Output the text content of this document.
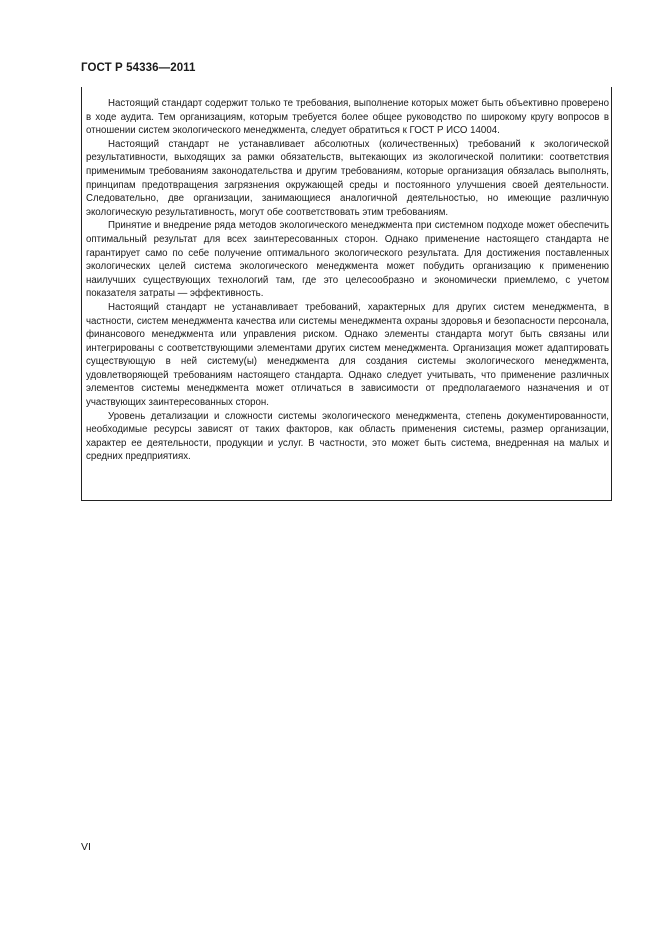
ГОСТ Р 54336—2011

Настоящий стандарт содержит только те требования, выполнение которых может быть объективно проверено в ходе аудита. Тем организациям, которым требуется более общее руководство по широкому кругу вопросов в отношении систем экологического менеджмента, следует обратиться к ГОСТ Р ИСО 14004.

Настоящий стандарт не устанавливает абсолютных (количественных) требований к экологической результативности, выходящих за рамки обязательств, вытекающих из экологической политики: соответствия применимым требованиям законодательства и другим требованиям, которые организация обязалась выполнять, принципам предотвращения загрязнения окружающей среды и постоянного улучшения своей деятельности. Следовательно, две организации, занимающиеся аналогичной деятельностью, но имеющие различную экологическую результативность, могут обе соответствовать этим требованиям.

Принятие и внедрение ряда методов экологического менеджмента при системном подходе может обеспечить оптимальный результат для всех заинтересованных сторон. Однако применение настоящего стандарта не гарантирует само по себе получение оптимального экологического результата. Для достижения поставленных экологических целей система экологического менеджмента может побудить организацию к применению наилучших существующих технологий там, где это целесообразно и экономически приемлемо, с учетом показателя затраты — эффективность.

Настоящий стандарт не устанавливает требований, характерных для других систем менеджмента, в частности, систем менеджмента качества или системы менеджмента охраны здоровья и безопасности персонала, финансового менеджмента или управления риском. Однако элементы стандарта могут быть связаны или интегрированы с соответствующими элементами других систем менеджмента. Организация может адаптировать существующую в ней систему(ы) менеджмента для создания системы экологического менеджмента, удовлетворяющей требованиям настоящего стандарта. Однако следует учитывать, что применение различных элементов системы менеджмента может отличаться в зависимости от предполагаемого назначения и от участвующих заинтересованных сторон.

Уровень детализации и сложности системы экологического менеджмента, степень документированности, необходимые ресурсы зависят от таких факторов, как область применения системы, размер организации, характер ее деятельности, продукции и услуг. В частности, это может быть система, внедренная на малых и средних предприятиях.

VI
